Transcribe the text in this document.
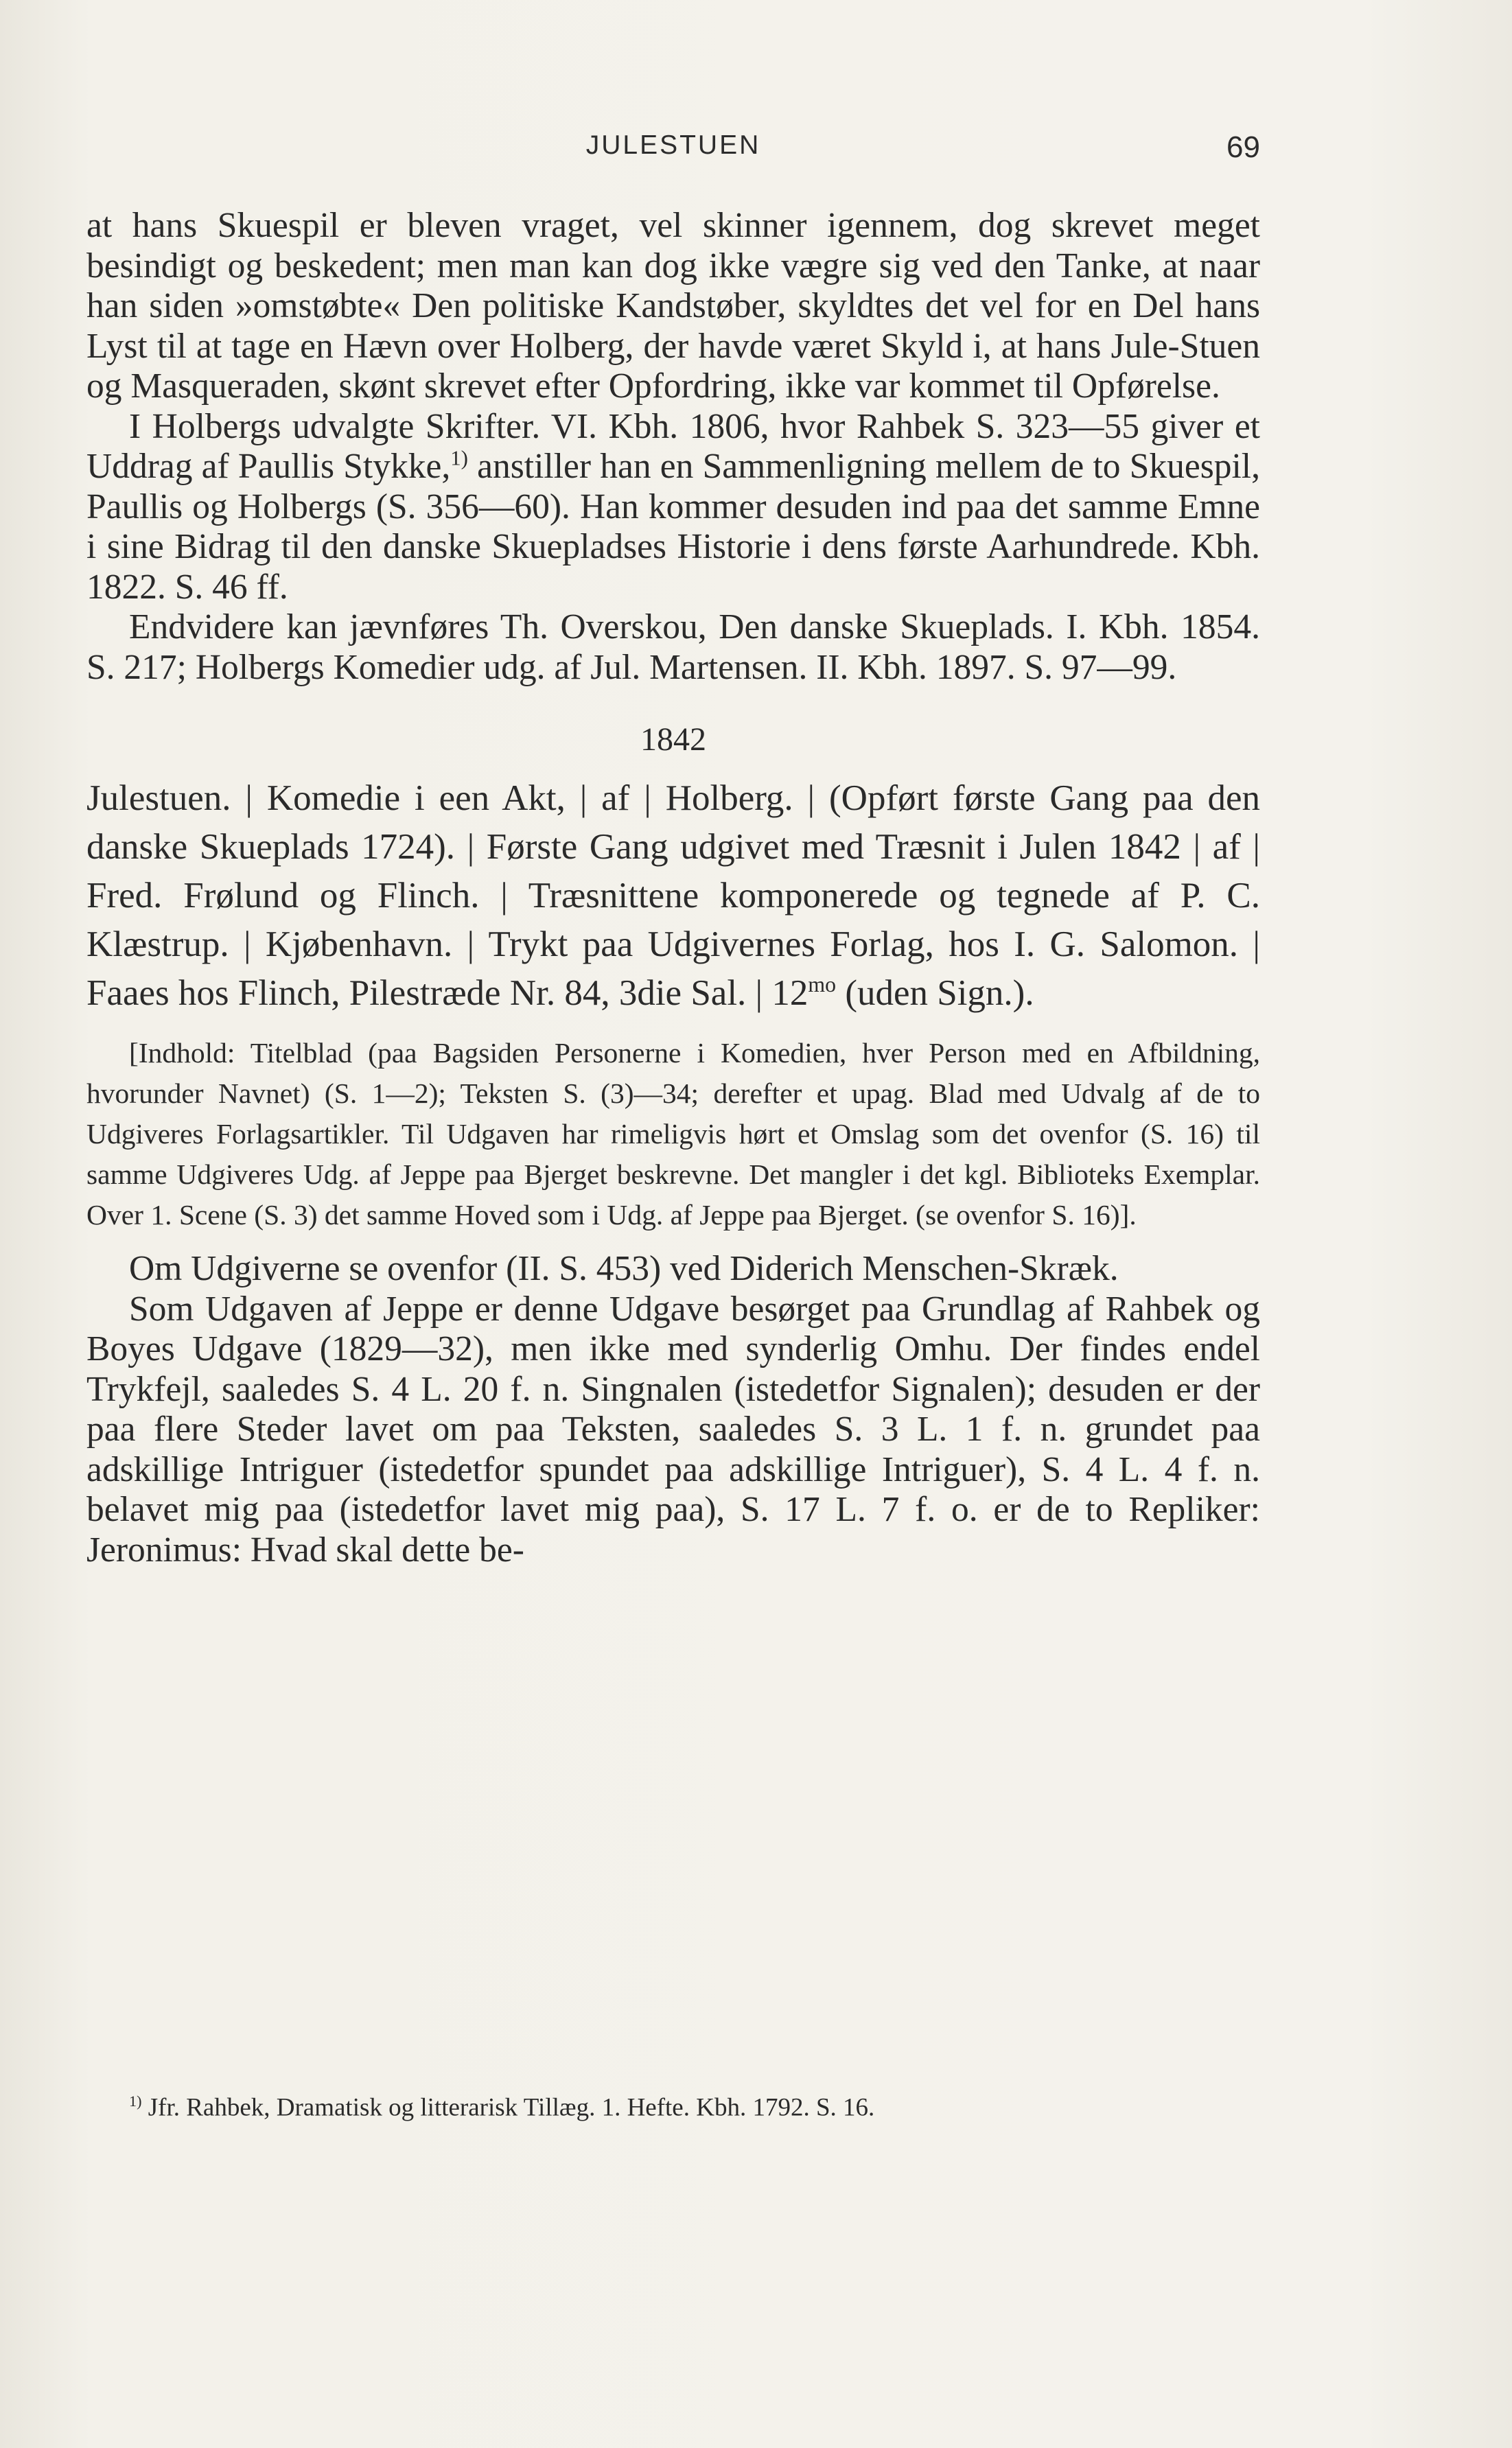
JULESTUEN	69

at hans Skuespil er bleven vraget, vel skinner igennem, dog skrevet meget besindigt og beskedent; men man kan dog ikke vægre sig ved den Tanke, at naar han siden »omstøbte« Den politiske Kandstøber, skyldtes det vel for en Del hans Lyst til at tage en Hævn over Holberg, der havde været Skyld i, at hans Jule-Stuen og Masqueraden, skønt skrevet efter Opfordring, ikke var kommet til Opførelse.

I Holbergs udvalgte Skrifter. VI. Kbh. 1806, hvor Rahbek S. 323—55 giver et Uddrag af Paullis Stykke,$^{1)}$ anstiller han en Sammenligning mellem de to Skuespil, Paullis og Holbergs (S. 356—60). Han kommer desuden ind paa det samme Emne i sine Bidrag til den danske Skuepladses Historie i dens første Aarhundrede. Kbh. 1822. S. 46 ff.

Endvidere kan jævnføres Th. Overskou, Den danske Skueplads. I. Kbh. 1854. S. 217; Holbergs Komedier udg. af Jul. Martensen. II. Kbh. 1897. S. 97—99.

1842

Julestuen. | Komedie i een Akt, | af | Holberg. | (Opført første Gang paa den danske Skueplads 1724). | Første Gang udgivet med Træsnit i Julen 1842 | af | Fred. Frølund og Flinch. | Træsnittene komponerede og tegnede af P. C. Klæstrup. | Kjøbenhavn. | Trykt paa Udgivernes Forlag, hos I. G. Salomon. | Faaes hos Flinch, Pilestræde Nr. 84, 3die Sal. | $12^{mo}$ (uden Sign.).

[Indhold: Titelblad (paa Bagsiden Personerne i Komedien, hver Person med en Afbildning, hvorunder Navnet) (S. 1—2); Teksten S. (3)—34; derefter et upag. Blad med Udvalg af de to Udgiveres Forlagsartikler. Til Udgaven har rimeligvis hørt et Omslag som det ovenfor (S. 16) til samme Udgiveres Udg. af Jeppe paa Bjerget beskrevne. Det mangler i det kgl. Biblioteks Exemplar. Over 1. Scene (S. 3) det samme Hoved som i Udg. af Jeppe paa Bjerget. (se ovenfor S. 16)].

Om Udgiverne se ovenfor (II. S. 453) ved Diderich Menschen-Skræk.

Som Udgaven af Jeppe er denne Udgave besørget paa Grundlag af Rahbek og Boyes Udgave (1829—32), men ikke med synderlig Omhu. Der findes endel Trykfejl, saaledes S. 4 L. 20 f. n. Singnalen (istedetfor Signalen); desuden er der paa flere Steder lavet om paa Teksten, saaledes S. 3 L. 1 f. n. grundet paa adskillige Intriguer (istedetfor spundet paa adskillige Intriguer), S. 4 L. 4 f. n. belavet mig paa (istedetfor lavet mig paa), S. 17 L. 7 f. o. er de to Repliker: Jeronimus: Hvad skal dette be-

$^{1)}$ Jfr. Rahbek, Dramatisk og litterarisk Tillæg. 1. Hefte. Kbh. 1792. S. 16.
